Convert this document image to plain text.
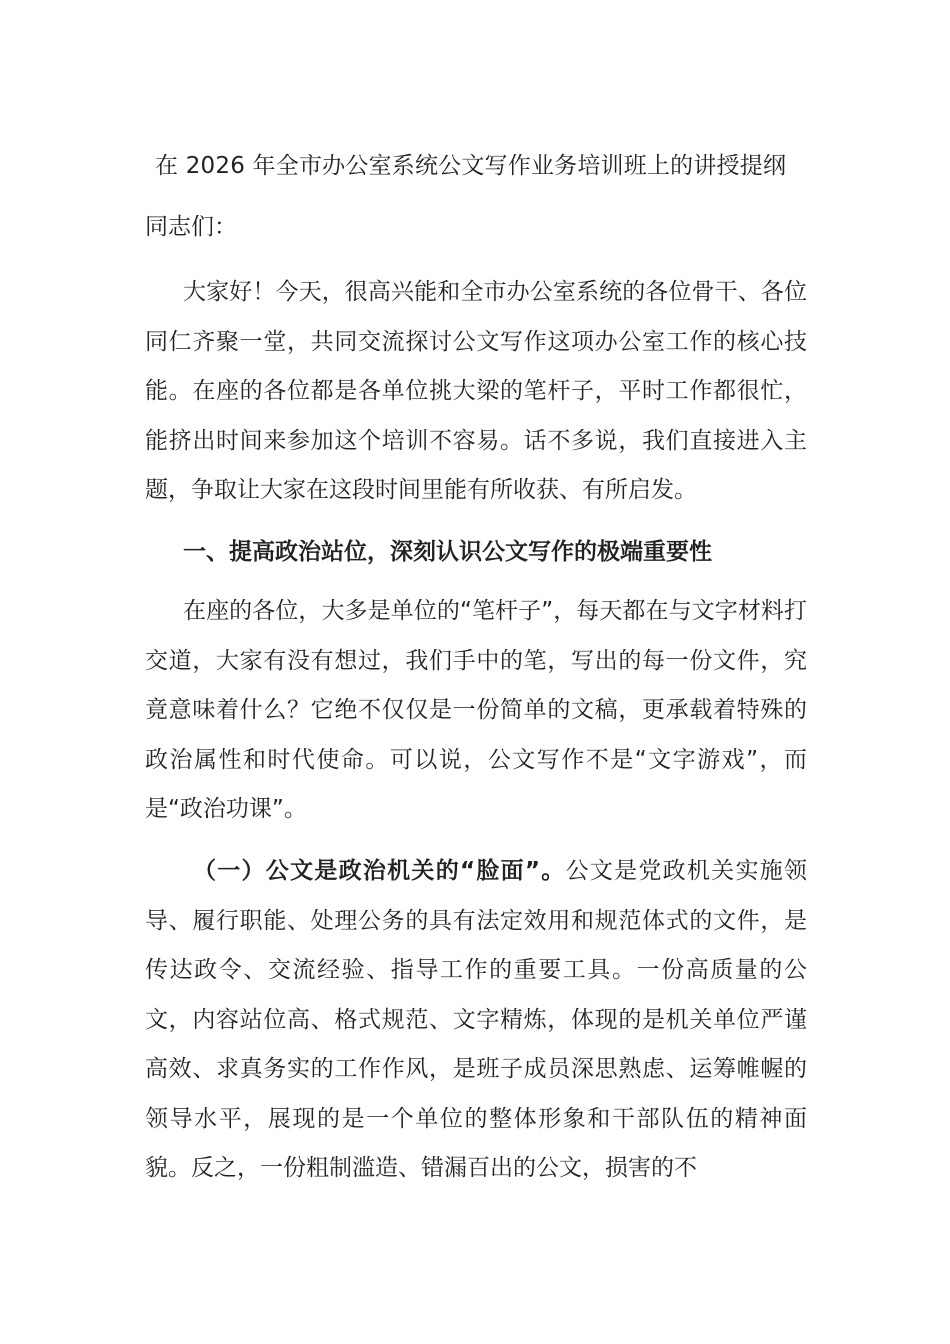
在 2026 年全市办公室系统公文写作业务培训班上的讲授提纲
同志们：

大家好！今天，很高兴能和全市办公室系统的各位骨干、各位同仁齐聚一堂，共同交流探讨公文写作这项办公室工作的核心技能。在座的各位都是各单位挑大梁的笔杆子，平时工作都很忙，能挤出时间来参加这个培训不容易。话不多说，我们直接进入主题，争取让大家在这段时间里能有所收获、有所启发。

一、提高政治站位，深刻认识公文写作的极端重要性

在座的各位，大多是单位的“笔杆子”，每天都在与文字材料打交道，大家有没有想过，我们手中的笔，写出的每一份文件，究竟意味着什么？它绝不仅仅是一份简单的文稿，更承载着特殊的政治属性和时代使命。可以说，公文写作不是“文字游戏”，而是“政治功课”。

（一）公文是政治机关的“脸面”。公文是党政机关实施领导、履行职能、处理公务的具有法定效用和规范体式的文件，是传达政令、交流经验、指导工作的重要工具。一份高质量的公文，内容站位高、格式规范、文字精炼，体现的是机关单位严谨高效、求真务实的工作作风，是班子成员深思熟虑、运筹帷幄的领导水平，展现的是一个单位的整体形象和干部队伍的精神面貌。反之，一份粗制滥造、错漏百出的公文，损害的不
